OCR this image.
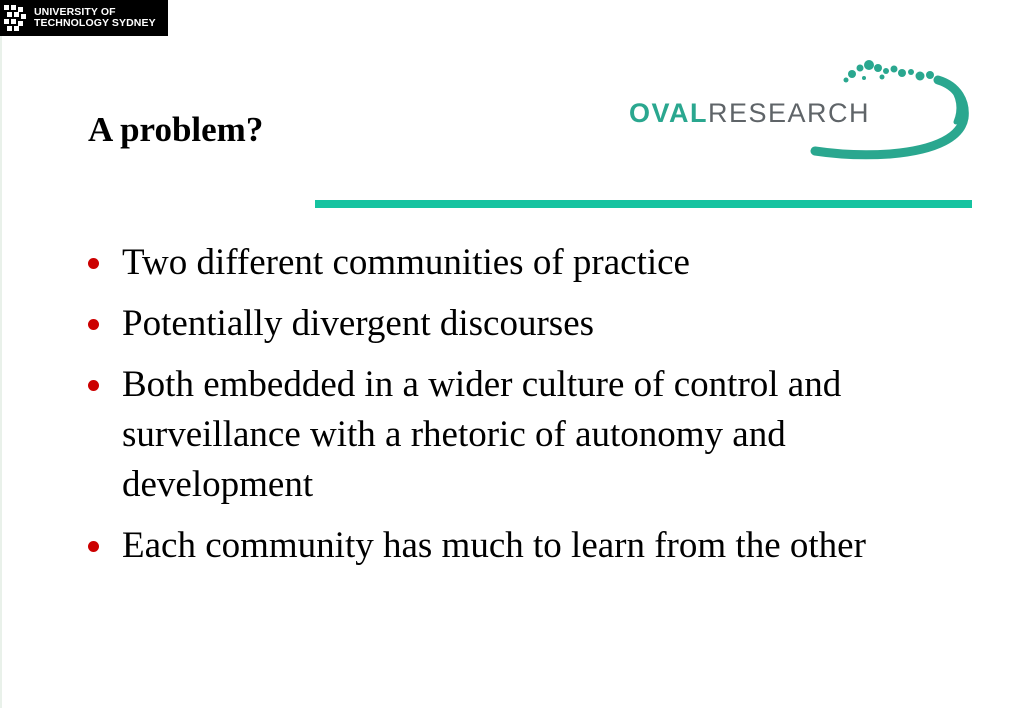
UNIVERSITY OF
TECHNOLOGY SYDNEY
OVALRESEARCH
A problem?
Two different communities of practice
Potentially divergent discourses
Both embedded in a wider culture of control and surveillance with a rhetoric of autonomy and development
Each community has much to learn from the other
